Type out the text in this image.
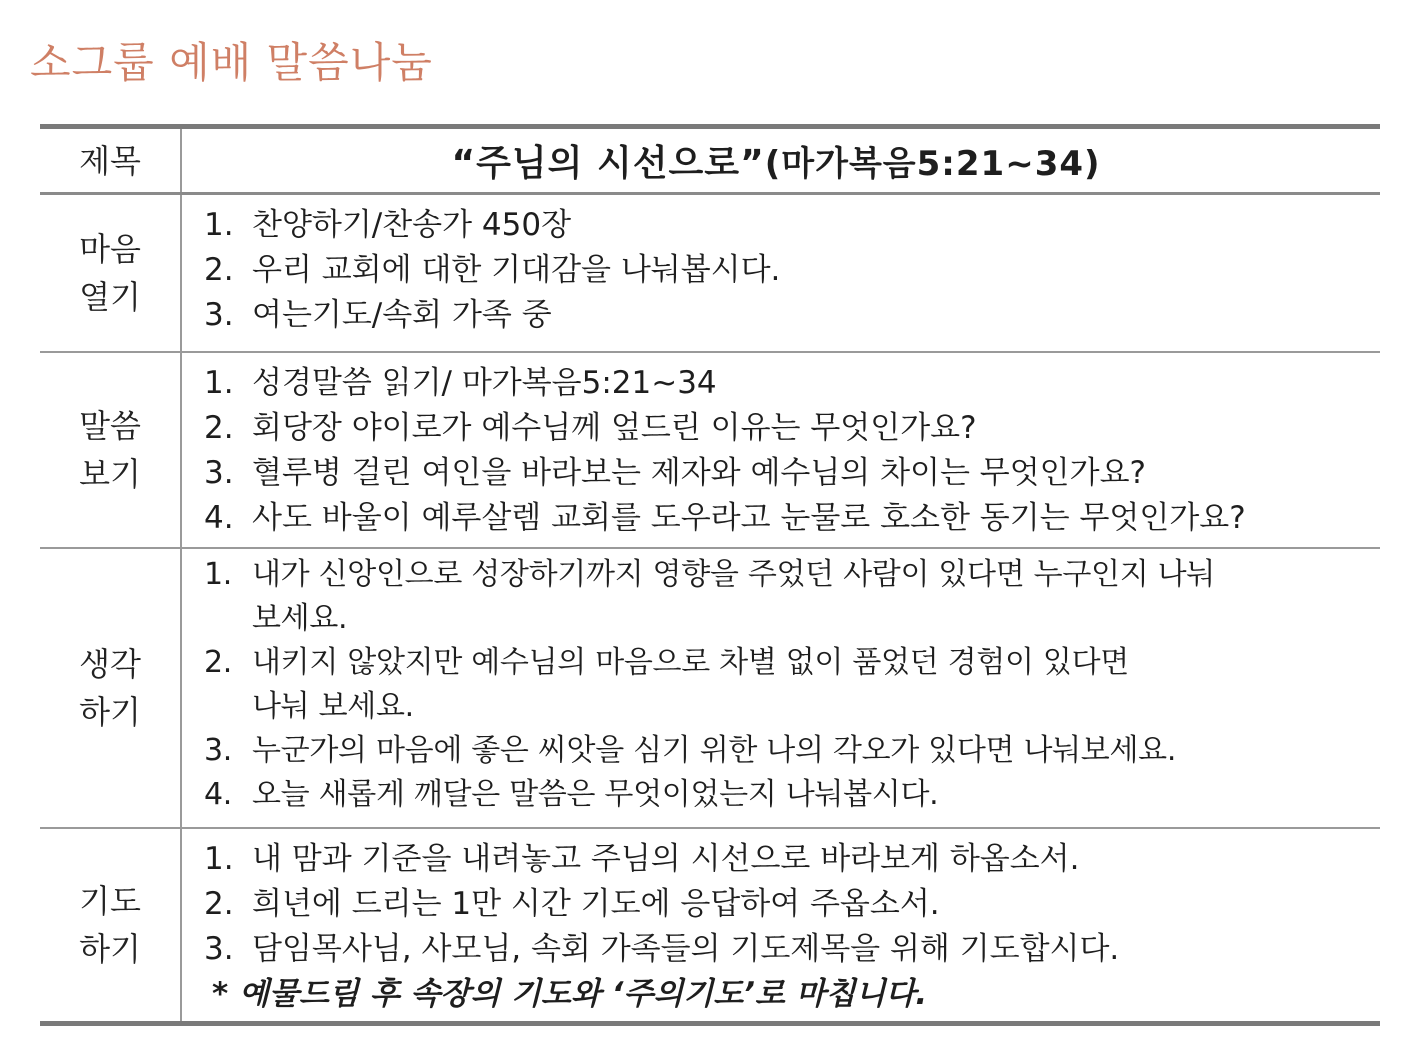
소그룹 예배 말씀나눔
제목	“주님의 시선으로”(마가복음5:21~34)
마음
열기
1. 찬양하기/찬송가 450장
2. 우리 교회에 대한 기대감을 나눠봅시다.
3. 여는기도/속회 가족 중
말씀
보기
1. 성경말씀 읽기/ 마가복음5:21~34
2. 회당장 야이로가 예수님께 엎드린 이유는 무엇인가요?
3. 혈루병 걸린 여인을 바라보는 제자와 예수님의 차이는 무엇인가요?
4. 사도 바울이 예루살렘 교회를 도우라고 눈물로 호소한 동기는 무엇인가요?
생각
하기
1. 내가 신앙인으로 성장하기까지 영향을 주었던 사람이 있다면 누구인지 나눠
보세요.
2. 내키지 않았지만 예수님의 마음으로 차별 없이 품었던 경험이 있다면
나눠 보세요.
3. 누군가의 마음에 좋은 씨앗을 심기 위한 나의 각오가 있다면 나눠보세요.
4. 오늘 새롭게 깨달은 말씀은 무엇이었는지 나눠봅시다.
기도
하기
1. 내 맘과 기준을 내려놓고 주님의 시선으로 바라보게 하옵소서.
2. 희년에 드리는 1만 시간 기도에 응답하여 주옵소서.
3. 담임목사님, 사모님, 속회 가족들의 기도제목을 위해 기도합시다.
* 예물드림 후 속장의 기도와 ‘주의기도’로 마칩니다.
